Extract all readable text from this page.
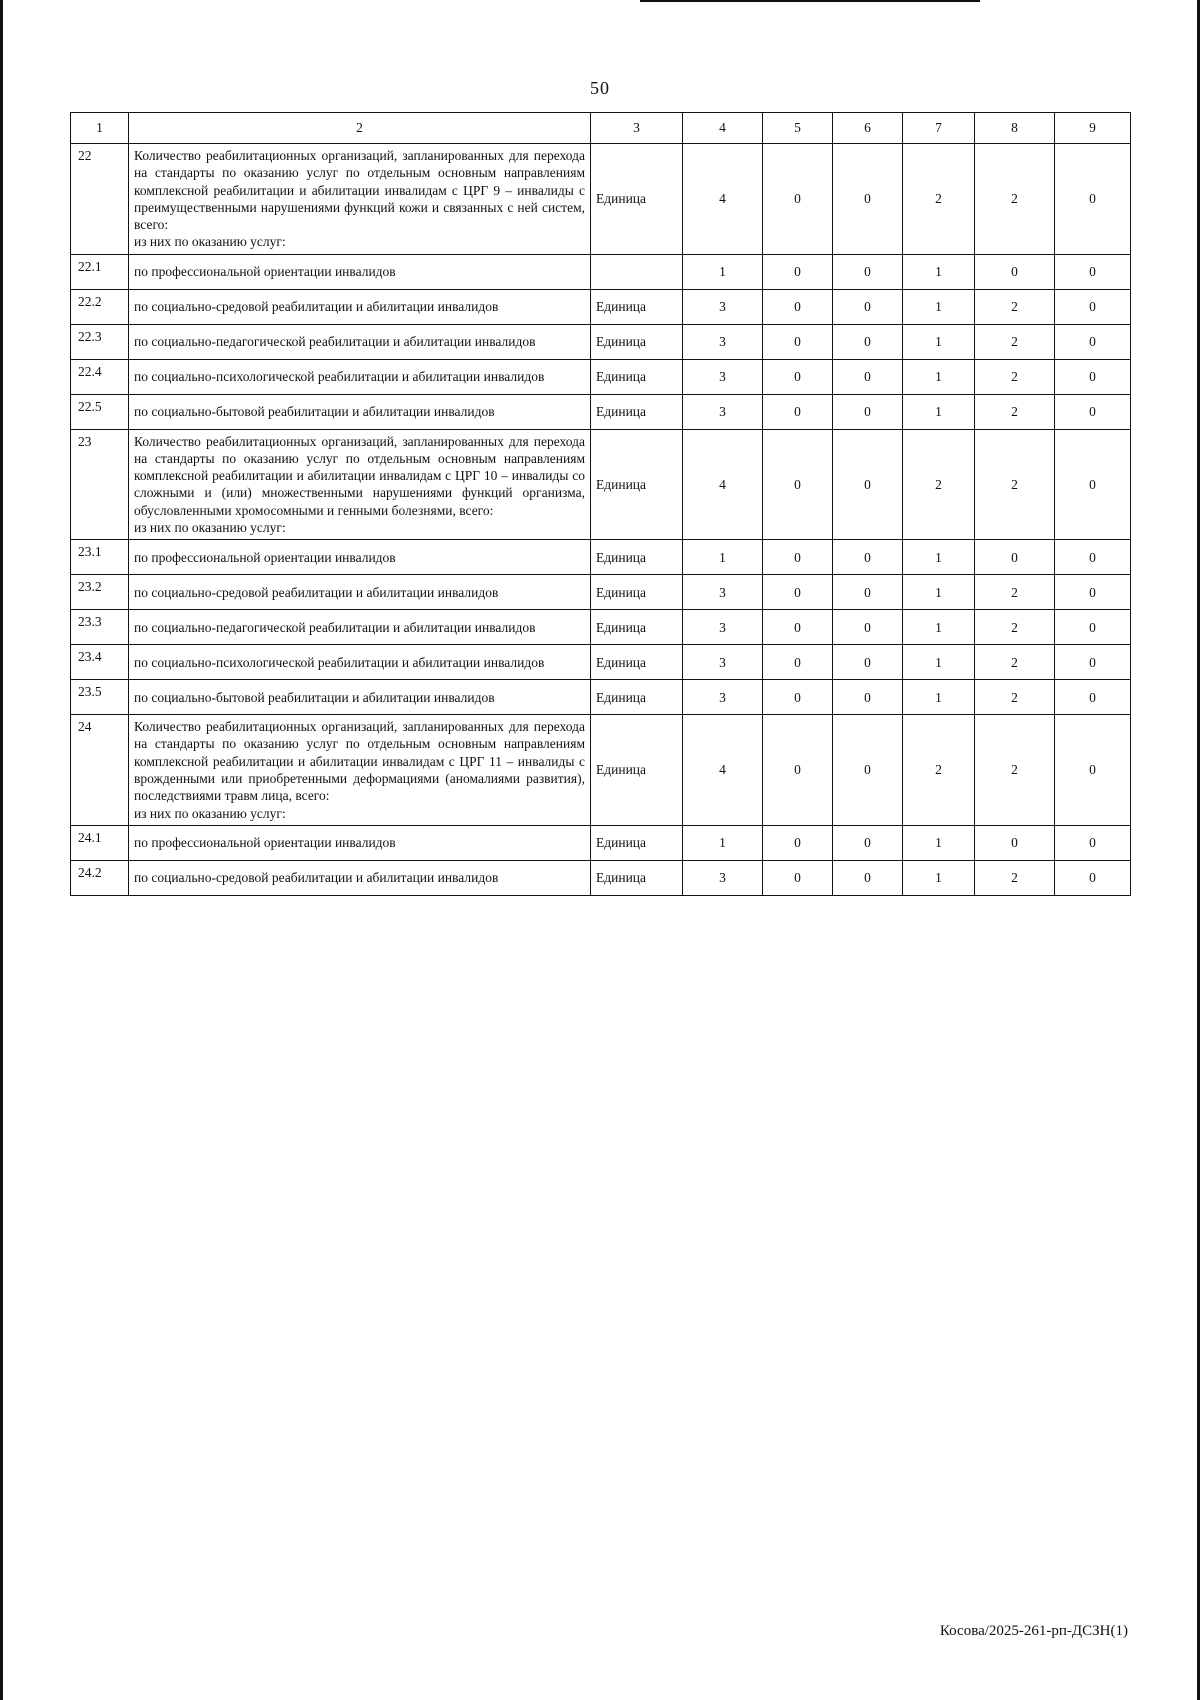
50
1	2	3	4	5	6	7	8	9
22	Количество реабилитационных организаций, запланированных для перехода на стандарты по оказанию услуг по отдельным основным направлениям комплексной реабилитации и абилитации инвалидам с ЦРГ 9 – инвалиды с преимущественными нарушениями функций кожи и связанных с ней систем, всего:
из них по оказанию услуг:	Единица	4	0	0	2	2	0
22.1	по профессиональной ориентации инвалидов		1	0	0	1	0	0
22.2	по социально-средовой реабилитации и абилитации инвалидов	Единица	3	0	0	1	2	0
22.3	по социально-педагогической реабилитации и абилитации инвалидов	Единица	3	0	0	1	2	0
22.4	по социально-психологической реабилитации и абилитации инвалидов	Единица	3	0	0	1	2	0
22.5	по социально-бытовой реабилитации и абилитации инвалидов	Единица	3	0	0	1	2	0
23	Количество реабилитационных организаций, запланированных для перехода на стандарты по оказанию услуг по отдельным основным направлениям комплексной реабилитации и абилитации инвалидам с ЦРГ 10 – инвалиды со сложными и (или) множественными нарушениями функций организма, обусловленными хромосомными и генными болезнями, всего:
из них по оказанию услуг:	Единица	4	0	0	2	2	0
23.1	по профессиональной ориентации инвалидов	Единица	1	0	0	1	0	0
23.2	по социально-средовой реабилитации и абилитации инвалидов	Единица	3	0	0	1	2	0
23.3	по социально-педагогической реабилитации и абилитации инвалидов	Единица	3	0	0	1	2	0
23.4	по социально-психологической реабилитации и абилитации инвалидов	Единица	3	0	0	1	2	0
23.5	по социально-бытовой реабилитации и абилитации инвалидов	Единица	3	0	0	1	2	0
24	Количество реабилитационных организаций, запланированных для перехода на стандарты по оказанию услуг по отдельным основным направлениям комплексной реабилитации и абилитации инвалидам с ЦРГ 11 – инвалиды с врожденными или приобретенными деформациями (аномалиями развития), последствиями травм лица, всего:
из них по оказанию услуг:	Единица	4	0	0	2	2	0
24.1	по профессиональной ориентации инвалидов	Единица	1	0	0	1	0	0
24.2	по социально-средовой реабилитации и абилитации инвалидов	Единица	3	0	0	1	2	0
Косова/2025-261-рп-ДСЗН(1)
